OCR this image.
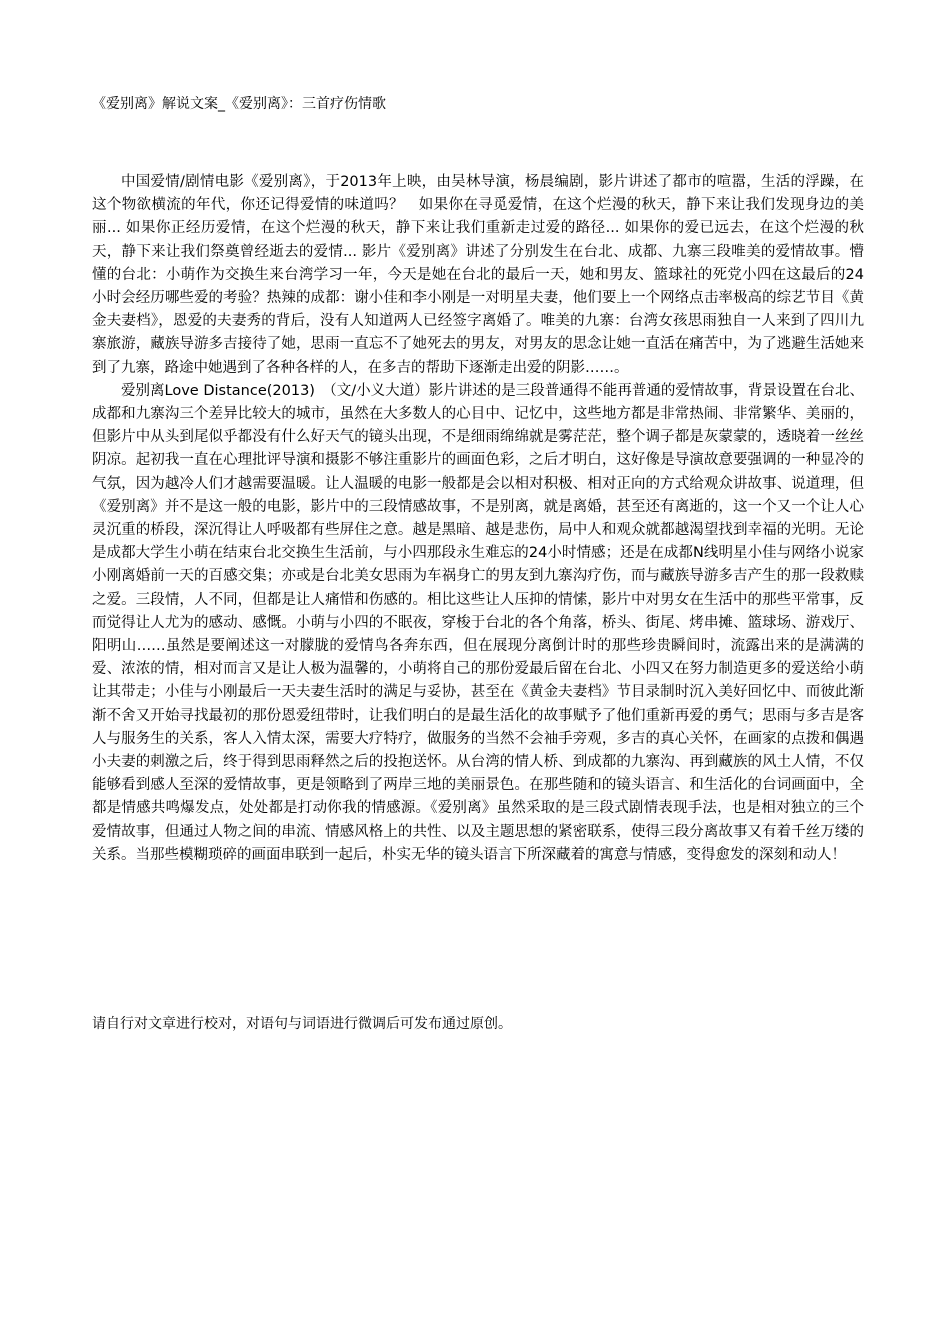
《爱别离》解说文案_《爱别离》：三首疗伤情歌

中国爱情/剧情电影《爱别离》，于2013年上映，由吴林导演，杨晨编剧，影片讲述了都市的喧嚣，生活的浮躁，在这个物欲横流的年代，你还记得爱情的味道吗？　如果你在寻觅爱情，在这个烂漫的秋天，静下来让我们发现身边的美丽... 如果你正经历爱情，在这个烂漫的秋天，静下来让我们重新走过爱的路径... 如果你的爱已远去，在这个烂漫的秋天，静下来让我们祭奠曾经逝去的爱情... 影片《爱别离》讲述了分别发生在台北、成都、九寨三段唯美的爱情故事。懵懂的台北：小萌作为交换生来台湾学习一年，今天是她在台北的最后一天，她和男友、篮球社的死党小四在这最后的24小时会经历哪些爱的考验？热辣的成都：谢小佳和李小刚是一对明星夫妻，他们要上一个网络点击率极高的综艺节目《黄金夫妻档》，恩爱的夫妻秀的背后，没有人知道两人已经签字离婚了。唯美的九寨：台湾女孩思雨独自一人来到了四川九寨旅游，藏族导游多吉接待了她，思雨一直忘不了她死去的男友，对男友的思念让她一直活在痛苦中，为了逃避生活她来到了九寨，路途中她遇到了各种各样的人，在多吉的帮助下逐渐走出爱的阴影……。

爱别离Love Distance(2013)　（文/小义大道）影片讲述的是三段普通得不能再普通的爱情故事，背景设置在台北、成都和九寨沟三个差异比较大的城市，虽然在大多数人的心目中、记忆中，这些地方都是非常热闹、非常繁华、美丽的，但影片中从头到尾似乎都没有什么好天气的镜头出现，不是细雨绵绵就是雾茫茫，整个调子都是灰蒙蒙的，透晓着一丝丝阴凉。起初我一直在心理批评导演和摄影不够注重影片的画面色彩，之后才明白，这好像是导演故意要强调的一种显冷的气氛，因为越冷人们才越需要温暖。让人温暖的电影一般都是会以相对积极、相对正向的方式给观众讲故事、说道理，但《爱别离》并不是这一般的电影，影片中的三段情感故事，不是别离，就是离婚，甚至还有离逝的，这一个又一个让人心灵沉重的桥段，深沉得让人呼吸都有些屏住之意。越是黑暗、越是悲伤，局中人和观众就都越渴望找到幸福的光明。无论是成都大学生小萌在结束台北交换生生活前，与小四那段永生难忘的24小时情感；还是在成都N线明星小佳与网络小说家小刚离婚前一天的百感交集；亦或是台北美女思雨为车祸身亡的男友到九寨沟疗伤，而与藏族导游多吉产生的那一段救赎之爱。三段情，人不同，但都是让人痛惜和伤感的。相比这些让人压抑的情愫，影片中对男女在生活中的那些平常事，反而觉得让人尤为的感动、感慨。小萌与小四的不眠夜，穿梭于台北的各个角落，桥头、街尾、烤串摊、篮球场、游戏厅、阳明山……虽然是要阐述这一对朦胧的爱情鸟各奔东西，但在展现分离倒计时的那些珍贵瞬间时，流露出来的是满满的爱、浓浓的情，相对而言又是让人极为温馨的，小萌将自己的那份爱最后留在台北、小四又在努力制造更多的爱送给小萌让其带走；小佳与小刚最后一天夫妻生活时的满足与妥协，甚至在《黄金夫妻档》节目录制时沉入美好回忆中、而彼此渐渐不舍又开始寻找最初的那份恩爱纽带时，让我们明白的是最生活化的故事赋予了他们重新再爱的勇气；思雨与多吉是客人与服务生的关系，客人入情太深，需要大疗特疗，做服务的当然不会袖手旁观，多吉的真心关怀，在画家的点拨和偶遇小夫妻的刺激之后，终于得到思雨释然之后的投抱送怀。从台湾的情人桥、到成都的九寨沟、再到藏族的风土人情，不仅能够看到感人至深的爱情故事，更是领略到了两岸三地的美丽景色。在那些随和的镜头语言、和生活化的台词画面中，全都是情感共鸣爆发点，处处都是打动你我的情感源。《爱别离》虽然采取的是三段式剧情表现手法，也是相对独立的三个爱情故事，但通过人物之间的串流、情感风格上的共性、以及主题思想的紧密联系，使得三段分离故事又有着千丝万缕的关系。当那些模糊琐碎的画面串联到一起后，朴实无华的镜头语言下所深藏着的寓意与情感，变得愈发的深刻和动人！

请自行对文章进行校对，对语句与词语进行微调后可发布通过原创。
